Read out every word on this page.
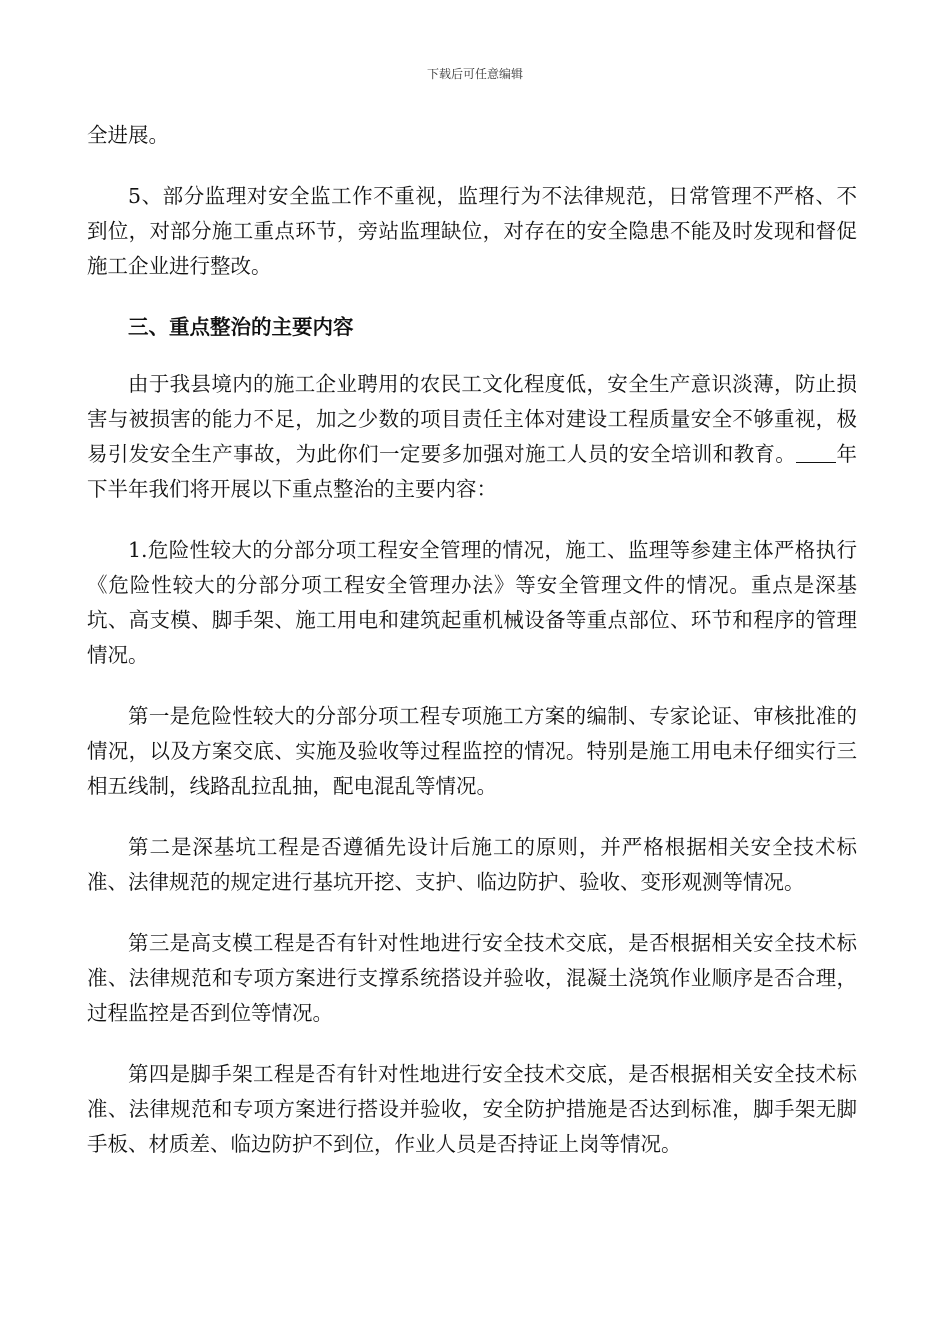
下载后可任意编辑

全进展。

5、部分监理对安全监工作不重视，监理行为不法律规范，日常管理不严格、不到位，对部分施工重点环节，旁站监理缺位，对存在的安全隐患不能及时发现和督促施工企业进行整改。

三、重点整治的主要内容

由于我县境内的施工企业聘用的农民工文化程度低，安全生产意识淡薄，防止损害与被损害的能力不足，加之少数的项目责任主体对建设工程质量安全不够重视，极易引发安全生产事故，为此你们一定要多加强对施工人员的安全培训和教育。 年下半年我们将开展以下重点整治的主要内容：

1.危险性较大的分部分项工程安全管理的情况，施工、监理等参建主体严格执行《危险性较大的分部分项工程安全管理办法》等安全管理文件的情况。重点是深基坑、高支模、脚手架、施工用电和建筑起重机械设备等重点部位、环节和程序的管理情况。

第一是危险性较大的分部分项工程专项施工方案的编制、专家论证、审核批准的情况，以及方案交底、实施及验收等过程监控的情况。特别是施工用电未仔细实行三相五线制，线路乱拉乱抽，配电混乱等情况。

第二是深基坑工程是否遵循先设计后施工的原则，并严格根据相关安全技术标准、法律规范的规定进行基坑开挖、支护、临边防护、验收、变形观测等情况。

第三是高支模工程是否有针对性地进行安全技术交底，是否根据相关安全技术标准、法律规范和专项方案进行支撑系统搭设并验收，混凝土浇筑作业顺序是否合理，过程监控是否到位等情况。

第四是脚手架工程是否有针对性地进行安全技术交底，是否根据相关安全技术标准、法律规范和专项方案进行搭设并验收，安全防护措施是否达到标准，脚手架无脚手板、材质差、临边防护不到位，作业人员是否持证上岗等情况。
